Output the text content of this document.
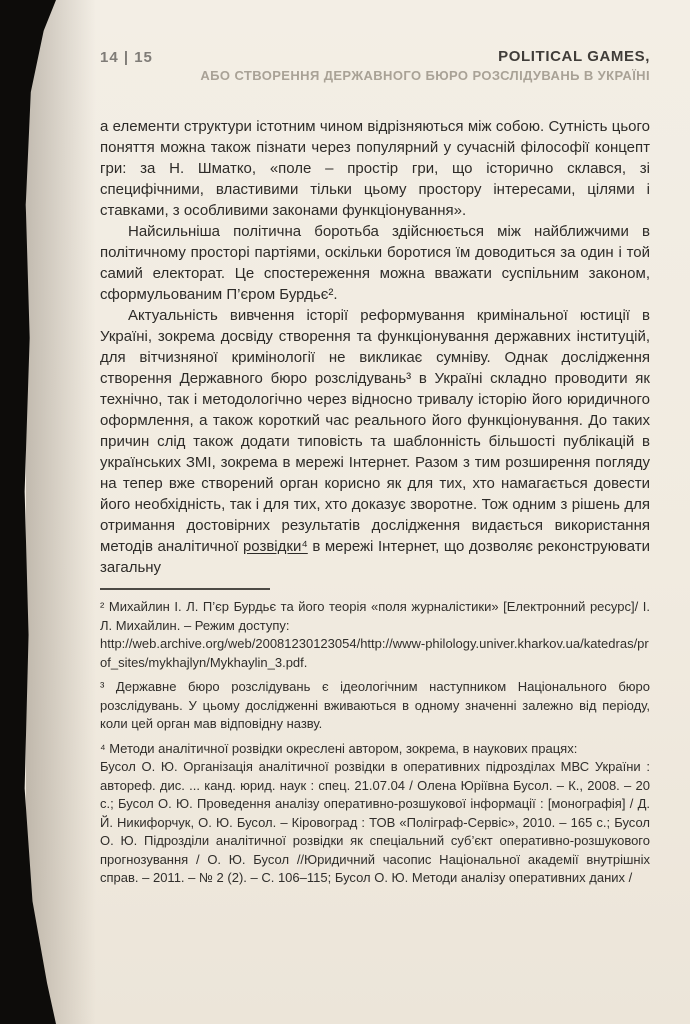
14 | 15	POLITICAL GAMES,
АБО СТВОРЕННЯ ДЕРЖАВНОГО БЮРО РОЗСЛІДУВАНЬ В УКРАЇНІ

а елементи структури істотним чином відрізняються між собою. Сутність цього поняття можна також пізнати через популярний у сучасній філософії концепт гри: за Н. Шматко, «поле – простір гри, що історично склався, зі специфічними, властивими тільки цьому простору інтересами, цілями і ставками, з особливими законами функціонування».

Найсильніша політична боротьба здійснюється між найближчими в політичному просторі партіями, оскільки боротися їм доводиться за один і той самий електорат. Це спостереження можна вважати суспільним законом, сформульованим П’єром Бурдьє².

Актуальність вивчення історії реформування кримінальної юстиції в Україні, зокрема досвіду створення та функціонування державних інституцій, для вітчизняної кримінології не викликає сумніву. Однак дослідження створення Державного бюро розслідувань³ в Україні складно проводити як технічно, так і методологічно через відносно тривалу історію його юридичного оформлення, а також короткий час реального його функціонування. До таких причин слід також додати типовість та шаблонність більшості публікацій в українських ЗМІ, зокрема в мережі Інтернет. Разом з тим розширення погляду на тепер вже створений орган корисно як для тих, хто намагається довести його необхідність, так і для тих, хто доказує зворотне. Тож одним з рішень для отримання достовірних результатів дослідження видається використання методів аналітичної розвідки⁴ в мережі Інтернет, що дозволяє реконструювати загальну

² Михайлин І. Л. П’єр Бурдьє та його теорія «поля журналістики» [Електронний ресурс]/ І. Л. Михайлин. – Режим доступу:
http://web.archive.org/web/20081230123054/http://www-philology.univer.kharkov.ua/katedras/prof_sites/mykhajlyn/Mykhaylin_3.pdf.

³ Державне бюро розслідувань є ідеологічним наступником Національного бюро розслідувань. У цьому дослідженні вживаються в одному значенні залежно від періоду, коли цей орган мав відповідну назву.

⁴ Методи аналітичної розвідки окреслені автором, зокрема, в наукових працях:
Бусол О. Ю. Організація аналітичної розвідки в оперативних підрозділах МВС України : автореф. дис. ... канд. юрид. наук : спец. 21.07.04 / Олена Юріївна Бусол. – К., 2008. – 20 с.; Бусол О. Ю. Проведення аналізу оперативно-розшукової інформації : [монографія] / Д. Й. Никифорчук, О. Ю. Бусол. – Кіровоград : ТОВ «Поліграф-Сервіс», 2010. – 165 с.; Бусол О. Ю. Підрозділи аналітичної розвідки як спеціальний суб’єкт оперативно-розшукового прогнозування / О. Ю. Бусол //Юридичний часопис Національної академії внутрішніх справ. – 2011. – № 2 (2). – С. 106–115; Бусол О. Ю. Методи аналізу оперативних даних /
